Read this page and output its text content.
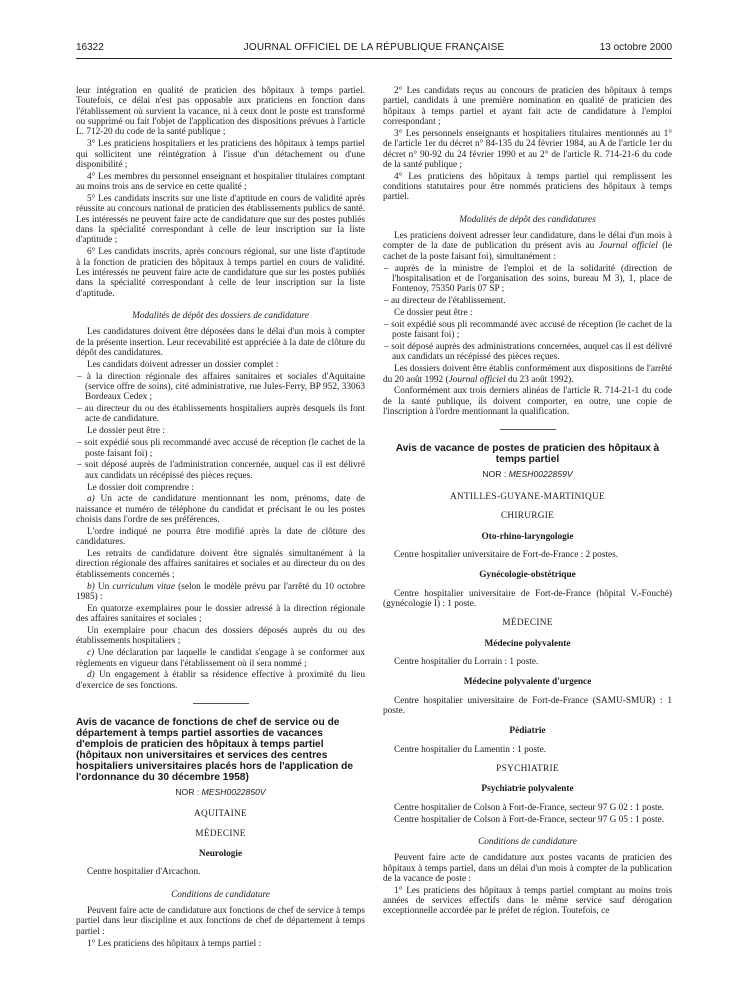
16322	JOURNAL OFFICIEL DE LA RÉPUBLIQUE FRANÇAISE	13 octobre 2000

leur intégration en qualité de praticien des hôpitaux à temps partiel. Toutefois, ce délai n'est pas opposable aux praticiens en fonction dans l'établissement où survient la vacance, ni à ceux dont le poste est transformé ou supprimé ou fait l'objet de l'application des dispositions prévues à l'article L. 712-20 du code de la santé publique ;

3° Les praticiens hospitaliers et les praticiens des hôpitaux à temps partiel qui sollicitent une réintégration à l'issue d'un détachement ou d'une disponibilité ;

4° Les membres du personnel enseignant et hospitalier titulaires comptant au moins trois ans de service en cette qualité ;

5° Les candidats inscrits sur une liste d'aptitude en cours de validité après réussite au concours national de praticien des établissements publics de santé. Les intéressés ne peuvent faire acte de candidature que sur des postes publiés dans la spécialité correspondant à celle de leur inscription sur la liste d'aptitude ;

6° Les candidats inscrits, après concours régional, sur une liste d'aptitude à la fonction de praticien des hôpitaux à temps partiel en cours de validité. Les intéressés ne peuvent faire acte de candidature que sur les postes publiés dans la spécialité correspondant à celle de leur inscription sur la liste d'aptitude.

Modalités de dépôt des dossiers de candidature

Les candidatures doivent être déposées dans le délai d'un mois à compter de la présente insertion. Leur recevabilité est appréciée à la date de clôture du dépôt des candidatures.

Les candidats doivent adresser un dossier complet :

– à la direction régionale des affaires sanitaires et sociales d'Aquitaine (service offre de soins), cité administrative, rue Jules-Ferry, BP 952, 33063 Bordeaux Cedex ;

– au directeur du ou des établissements hospitaliers auprès desquels ils font acte de candidature.

Le dossier peut être :

– soit expédié sous pli recommandé avec accusé de réception (le cachet de la poste faisant foi) ;

– soit déposé auprès de l'administration concernée, auquel cas il est délivré aux candidats un récépissé des pièces reçues.

Le dossier doit comprendre :

a) Un acte de candidature mentionnant les nom, prénoms, date de naissance et numéro de téléphone du candidat et précisant le ou les postes choisis dans l'ordre de ses préférences.

L'ordre indiqué ne pourra être modifié après la date de clôture des candidatures.

Les retraits de candidature doivent être signalés simultanément à la direction régionale des affaires sanitaires et sociales et au directeur du ou des établissements concernés ;

b) Un curriculum vitae (selon le modèle prévu par l'arrêté du 10 octobre 1985) :

En quatorze exemplaires pour le dossier adressé à la direction régionale des affaires sanitaires et sociales ;

Un exemplaire pour chacun des dossiers déposés auprès du ou des établissements hospitaliers ;

c) Une déclaration par laquelle le candidat s'engage à se conformer aux règlements en vigueur dans l'établissement où il sera nommé ;

d) Un engagement à établir sa résidence effective à proximité du lieu d'exercice de ses fonctions.

Avis de vacance de fonctions de chef de service ou de département à temps partiel assorties de vacances d'emplois de praticien des hôpitaux à temps partiel (hôpitaux non universitaires et services des centres hospitaliers universitaires placés hors de l'application de l'ordonnance du 30 décembre 1958)

NOR : MESH0022850V

AQUITAINE

MÉDECINE

Neurologie

Centre hospitalier d'Arcachon.

Conditions de candidature

Peuvent faire acte de candidature aux fonctions de chef de service à temps partiel dans leur discipline et aux fonctions de chef de département à temps partiel :

1° Les praticiens des hôpitaux à temps partiel :

2° Les candidats reçus au concours de praticien des hôpitaux à temps partiel, candidats à une première nomination en qualité de praticien des hôpitaux à temps partiel et ayant fait acte de candidature à l'emploi correspondant ;

3° Les personnels enseignants et hospitaliers titulaires mentionnés au 1° de l'article 1er du décret n° 84-135 du 24 février 1984, au A de l'article 1er du décret n° 90-92 du 24 février 1990 et au 2° de l'article R. 714-21-6 du code de la santé publique ;

4° Les praticiens des hôpitaux à temps partiel qui remplissent les conditions statutaires pour être nommés praticiens des hôpitaux à temps partiel.

Modalités de dépôt des candidatures

Les praticiens doivent adresser leur candidature, dans le délai d'un mois à compter de la date de publication du présent avis au Journal officiel (le cachet de la poste faisant foi), simultanément :

– auprès de la ministre de l'emploi et de la solidarité (direction de l'hospitalisation et de l'organisation des soins, bureau M 3), 1, place de Fontenoy, 75350 Paris 07 SP ;

– au directeur de l'établissement.

Ce dossier peut être :

– soit expédié sous pli recommandé avec accusé de réception (le cachet de la poste faisant foi) ;

– soit déposé auprès des administrations concernées, auquel cas il est délivré aux candidats un récépissé des pièces reçues.

Les dossiers doivent être établis conformément aux dispositions de l'arrêté du 20 août 1992 (Journal officiel du 23 août 1992).

Conformément aux trois derniers alinéas de l'article R. 714-21-1 du code de la santé publique, ils doivent comporter, en outre, une copie de l'inscription à l'ordre mentionnant la qualification.

Avis de vacance de postes de praticien des hôpitaux à temps partiel

NOR : MESH0022859V

ANTILLES-GUYANE-MARTINIQUE

CHIRURGIE

Oto-rhino-laryngologie

Centre hospitalier universitaire de Fort-de-France : 2 postes.

Gynécologie-obstétrique

Centre hospitalier universitaire de Fort-de-France (hôpital V.-Fouché) (gynécologie I) : 1 poste.

MÉDECINE

Médecine polyvalente

Centre hospitalier du Lorrain : 1 poste.

Médecine polyvalente d'urgence

Centre hospitalier universitaire de Fort-de-France (SAMU-SMUR) : 1 poste.

Pédiatrie

Centre hospitalier du Lamentin : 1 poste.

PSYCHIATRIE

Psychiatrie polyvalente

Centre hospitalier de Colson à Fort-de-France, secteur 97 G 02 : 1 poste.

Centre hospitalier de Colson à Fort-de-France, secteur 97 G 05 : 1 poste.

Conditions de candidature

Peuvent faire acte de candidature aux postes vacants de praticien des hôpitaux à temps partiel, dans un délai d'un mois à compter de la publication de la vacance de poste :

1° Les praticiens des hôpitaux à temps partiel comptant au moins trois années de services effectifs dans le même service sauf dérogation exceptionnelle accordée par le préfet de région. Toutefois, ce
